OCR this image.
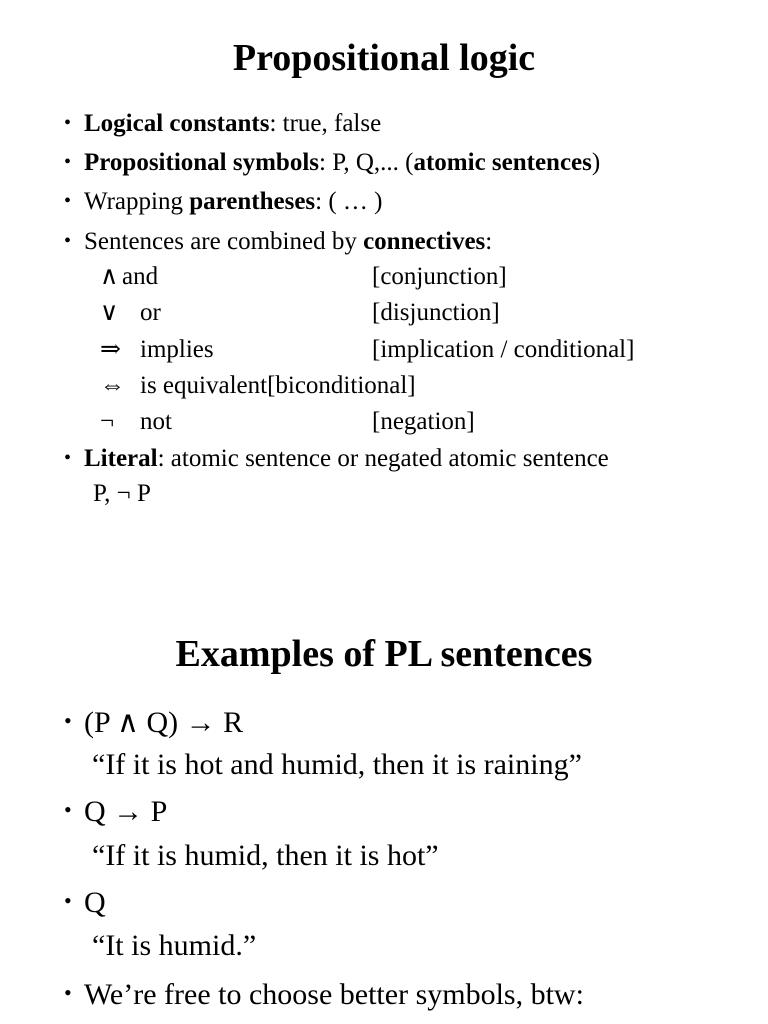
Propositional logic
• Logical constants: true, false
• Propositional symbols: P, Q,... (atomic sentences)
• Wrapping parentheses: ( … )
• Sentences are combined by connectives:
∧ and	[conjunction]
∨ or	[disjunction]
⇒ implies	[implication / conditional]
⇔ is equivalent[biconditional]
¬ not	[negation]
• Literal: atomic sentence or negated atomic sentence
P, ¬ P
Examples of PL sentences
• (P ∧ Q) → R
“If it is hot and humid, then it is raining”
• Q → P
“If it is humid, then it is hot”
• Q
“It is humid.”
• We’re free to choose better symbols, btw:
